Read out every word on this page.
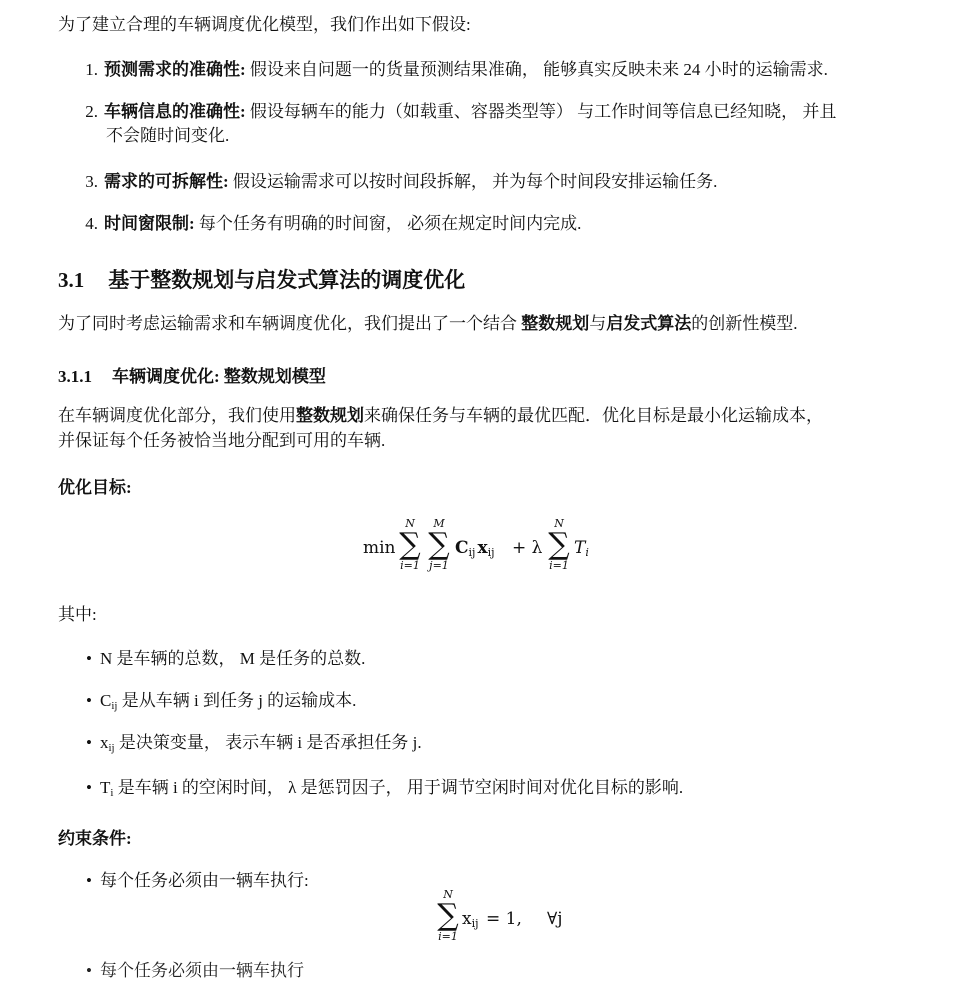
为了建立合理的车辆调度优化模型，我们作出如下假设:
1. 预测需求的准确性: 假设来自问题一的货量预测结果准确， 能够真实反映未来 24 小时的运输需求.
2. 车辆信息的准确性: 假设每辆车的能力（如载重、容器类型等） 与工作时间等信息已经知晓， 并且
不会随时间变化.
3. 需求的可拆解性: 假设运输需求可以按时间段拆解， 并为每个时间段安排运输任务.
4. 时间窗限制: 每个任务有明确的时间窗， 必须在规定时间内完成.
3.1 基于整数规划与启发式算法的调度优化
为了同时考虑运输需求和车辆调度优化，我们提出了一个结合 整数规划与启发式算法的创新性模型.
3.1.1 车辆调度优化: 整数规划模型
在车辆调度优化部分，我们使用整数规划来确保任务与车辆的最优匹配．优化目标是最小化运输成本，
并保证每个任务被恰当地分配到可用的车辆.
优化目标:
min
N
∑
i=1
M
∑
j=1
$C_{ij}$ $x_{ij} + \lambda$
N
∑
i=1
$T_i$
其中:
• N 是车辆的总数， M 是任务的总数.
• $C_{ij}$ 是从车辆 i 到任务 j 的运输成本.
• $x_{ij}$ 是决策变量， 表示车辆 i 是否承担任务 j.
• $T_i$ 是车辆 i 的空闲时间， λ 是惩罚因子， 用于调节空闲时间对优化目标的影响.
约束条件:
• 每个任务必须由一辆车执行:
N
∑
i=1
$x_{ij} = 1$, ∀j
• 每个任务必须由一辆车执行
